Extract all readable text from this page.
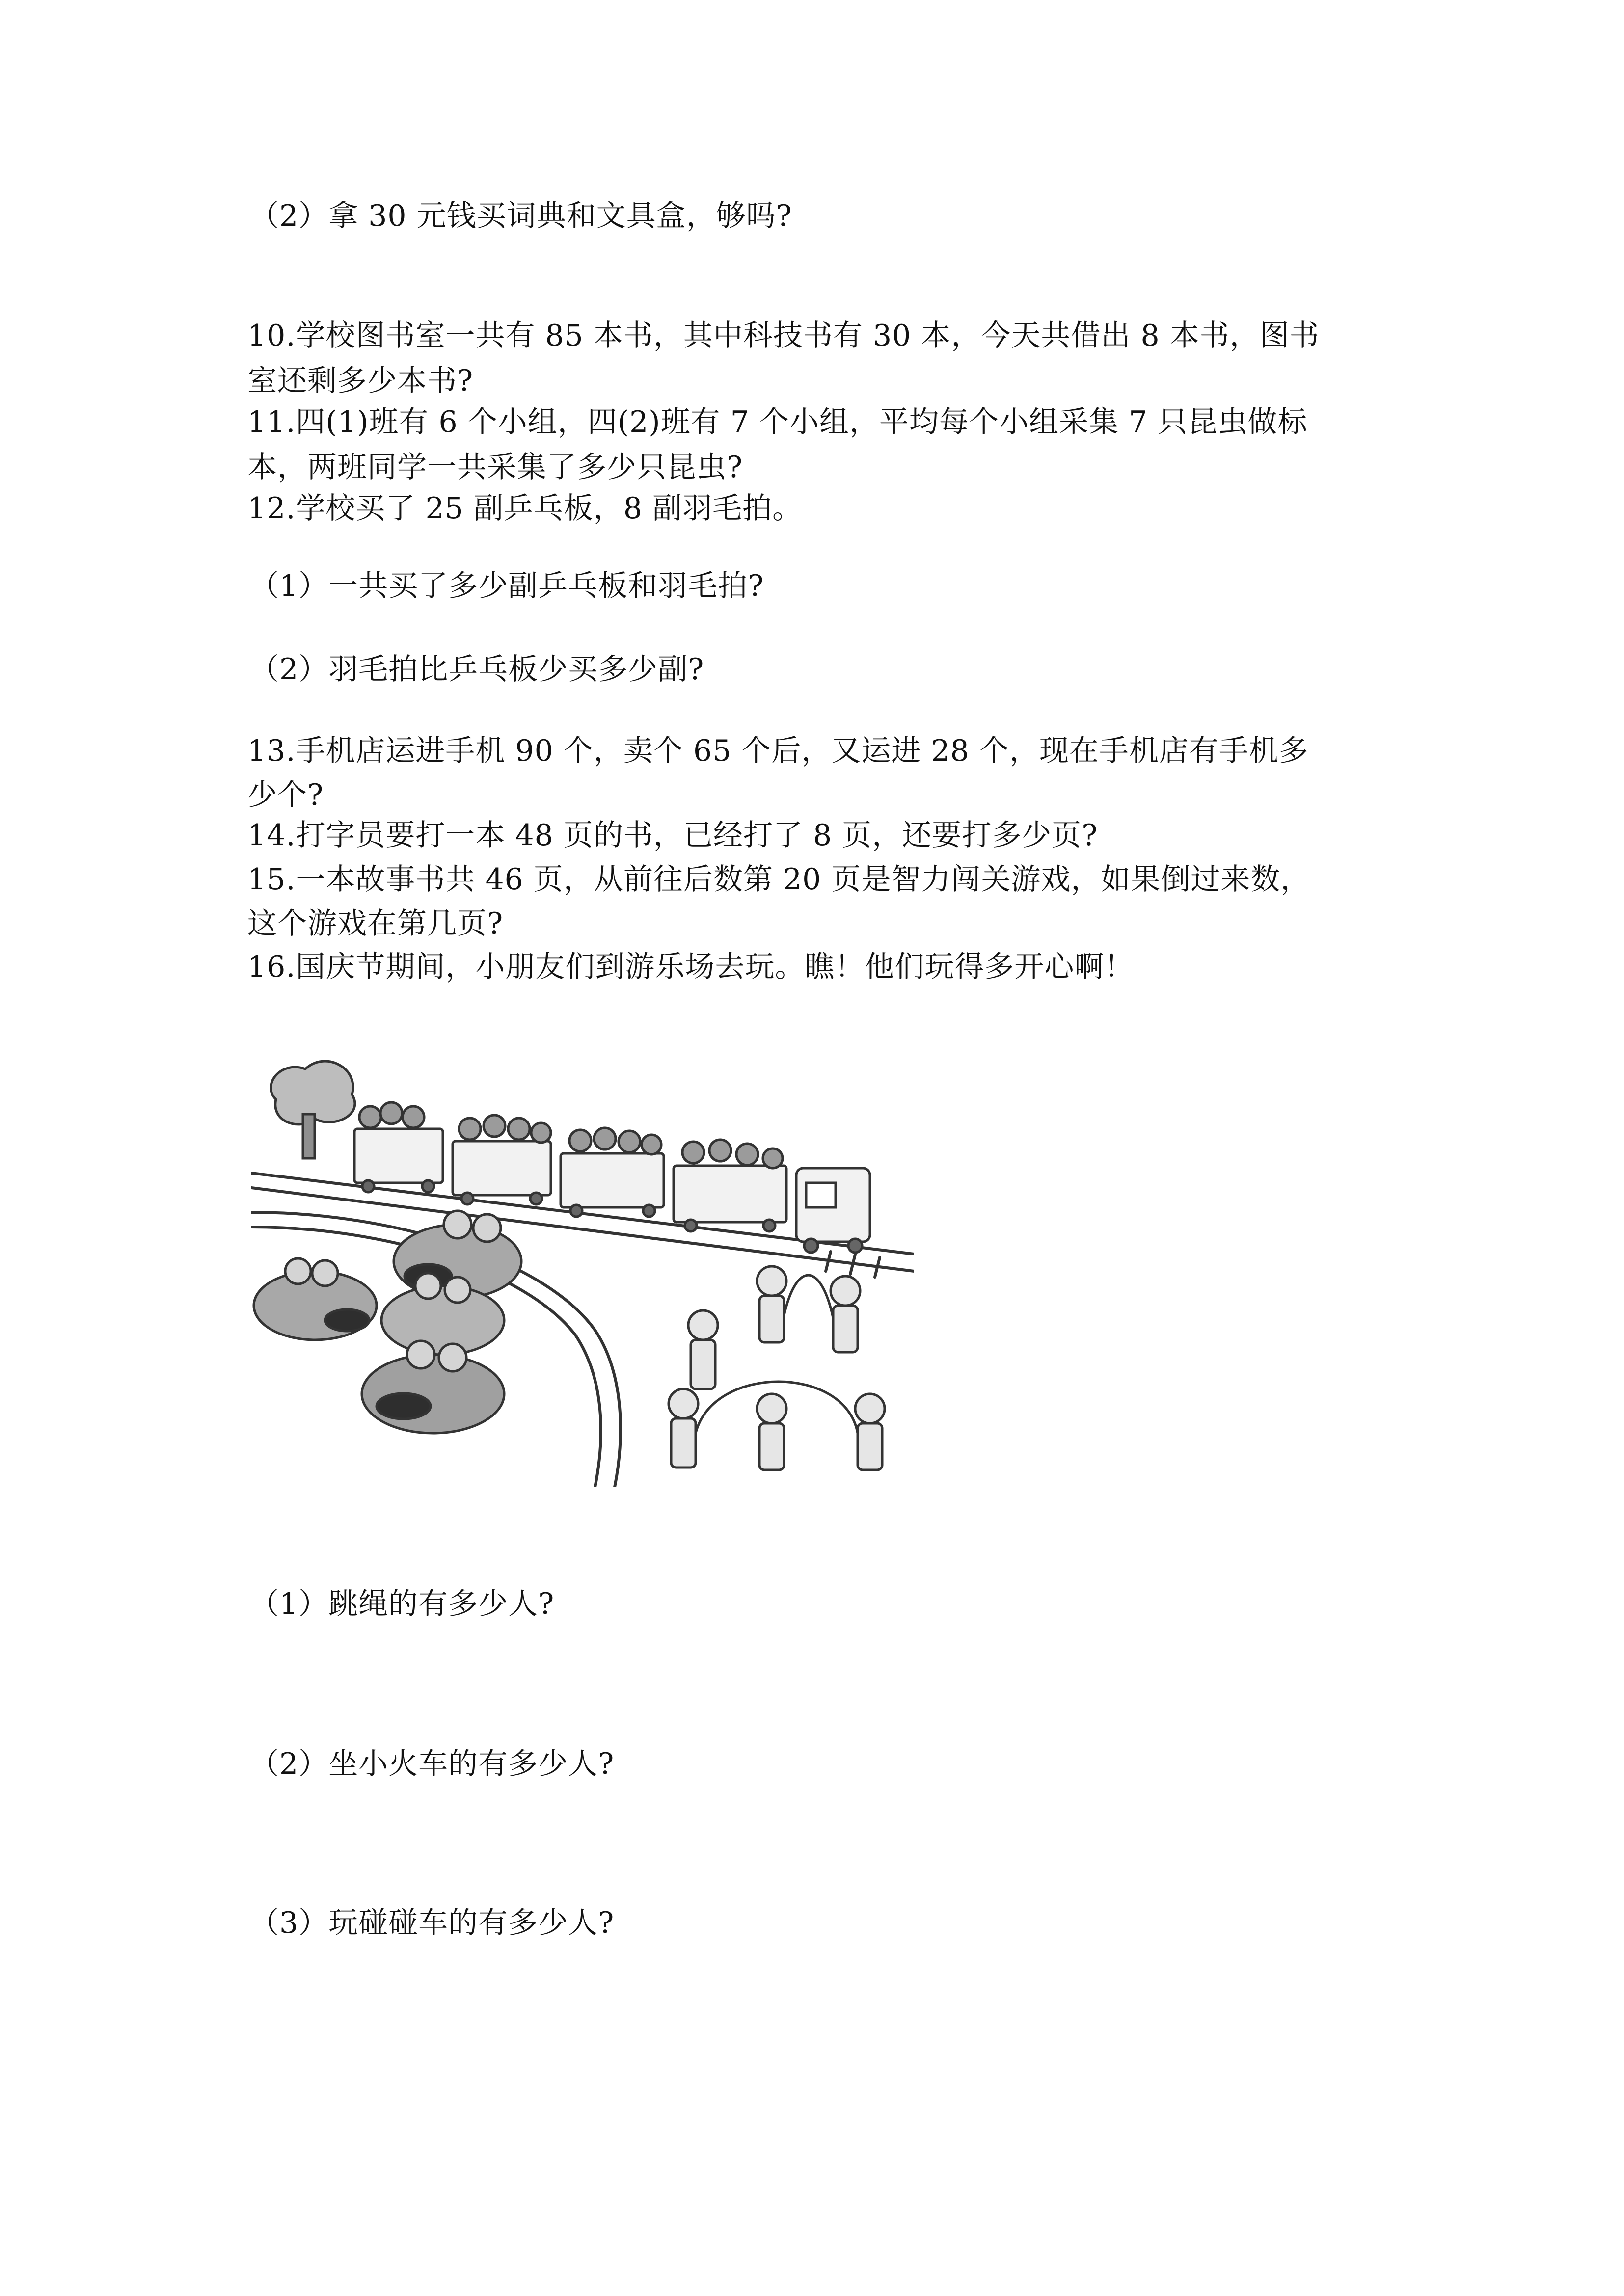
（2）拿 30 元钱买词典和文具盒，够吗?
10.学校图书室一共有 85 本书，其中科技书有 30 本，今天共借出 8 本书，图书
室还剩多少本书?
11.四(1)班有 6 个小组，四(2)班有 7 个小组，平均每个小组采集 7 只昆虫做标
本，两班同学一共采集了多少只昆虫?
12.学校买了 25 副乒乓板，8 副羽毛拍。
（1）一共买了多少副乒乓板和羽毛拍?
（2）羽毛拍比乒乓板少买多少副?
13.手机店运进手机 90 个，卖个 65 个后，又运进 28 个，现在手机店有手机多
少个?
14.打字员要打一本 48 页的书，已经打了 8 页，还要打多少页?
15.一本故事书共 46 页，从前往后数第 20 页是智力闯关游戏，如果倒过来数，
这个游戏在第几页?
16.国庆节期间，小朋友们到游乐场去玩。瞧！他们玩得多开心啊！
（1）跳绳的有多少人?
（2）坐小火车的有多少人?
（3）玩碰碰车的有多少人?
